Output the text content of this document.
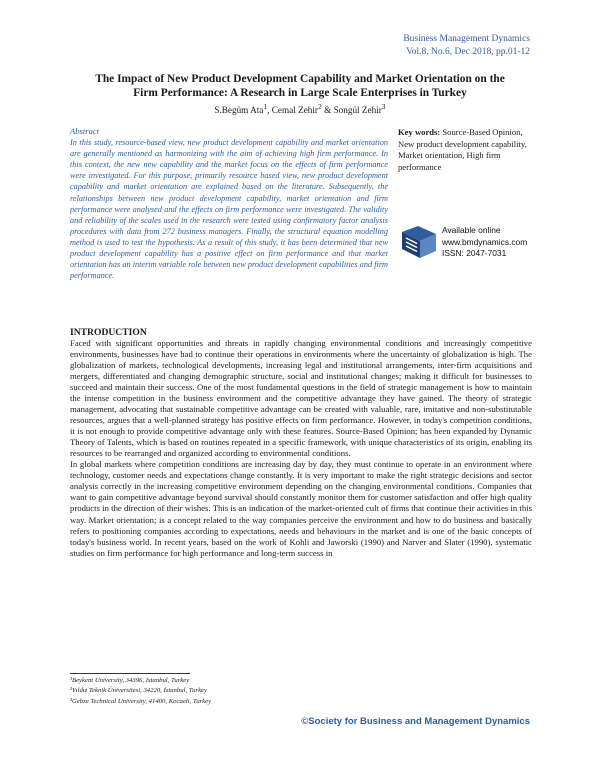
Business Management Dynamics
Vol.8, No.6, Dec 2018, pp.01-12
The Impact of New Product Development Capability and Market Orientation on the
Firm Performance: A Research in Large Scale Enterprises in Turkey
S.Begüm Ata$^1$, Cemal Zehir$^2$ & Songül Zehir$^3$
Abstract
In this study, resource-based view, new product development capability and market orientation are generally mentioned as harmonizing with the aim of achieving high firm performance. In this context, the new new capability and the market focus on the effects of firm performance were investigated. For this purpose, primarily resource based view, new product development capability and market orientation are explained based on the literature. Subsequently, the relationships between new product development capability, market orientation and firm performance were analysed and the effects on firm performance were investigated. The validity and reliability of the scales used in the research were tested using confirmatory factor analysis procedures with data from 272 business managers. Finally, the structural equation modelling method is used to test the hypothesis. As a result of this study, it has been determined that new product development capability has a positive effect on firm performance and that market orientation has an interim variable role between new product development capabilities and firm performance.
Key words: Source-Based Opinion, New product development capability, Market orientation, High firm performance
Available online
www.bmdynamics.com
ISSN: 2047-7031
INTRODUCTION

Faced with significant opportunities and threats in rapidly changing environmental conditions and increasingly competitive environments, businesses have had to continue their operations in environments where the uncertainty of globalization is high. The globalization of markets, technological developments, increasing legal and institutional arrangements, inter-firm acquisitions and mergers, differentiated and changing demographic structure, social and institutional changes; making it difficult for businesses to succeed and maintain their success. One of the most fundamental questions in the field of strategic management is how to maintain the intense competition in the business environment and the competitive advantage they have gained. The theory of strategic management, advocating that sustainable competitive advantage can be created with valuable, rare, imitative and non-substitutable resources, argues that a well-planned strategy has positive effects on firm performance. However, in today's competition conditions, it is not enough to provide competitive advantage only with these features. Source-Based Opinion; has been expanded by Dynamic Theory of Talents, which is based on routines repeated in a specific framework, with unique characteristics of its origin, enabling its resources to be rearranged and organized according to environmental conditions.

In global markets where competition conditions are increasing day by day, they must continue to operate in an environment where technology, customer needs and expectations change constantly. It is very important to make the right strategic decisions and sector analysis correctly in the increasing competitive environment depending on the changing environmental conditions. Companies that want to gain competitive advantage beyond survival should constantly monitor them for customer satisfaction and offer high quality products in the direction of their wishes. This is an indication of the market-oriented cult of firms that continue their activities in this way. Market orientation; is a concept related to the way companies perceive the environment and how to do business and basically refers to positioning companies according to expectations, needs and behaviours in the market and is one of the basic concepts of today's business world. In recent years, based on the work of Kohli and Jaworski (1990) and Narver and Slater (1990), systematic studies on firm performance for high performance and long-term success in

¹Beykent University, 34396, Istanbul, Turkey
²Yıldız Teknik Üniversitesi, 34220, İstanbul, Turkey
³Gebze Technical University, 41400, Kocaeli, Turkey
©Society for Business and Management Dynamics
